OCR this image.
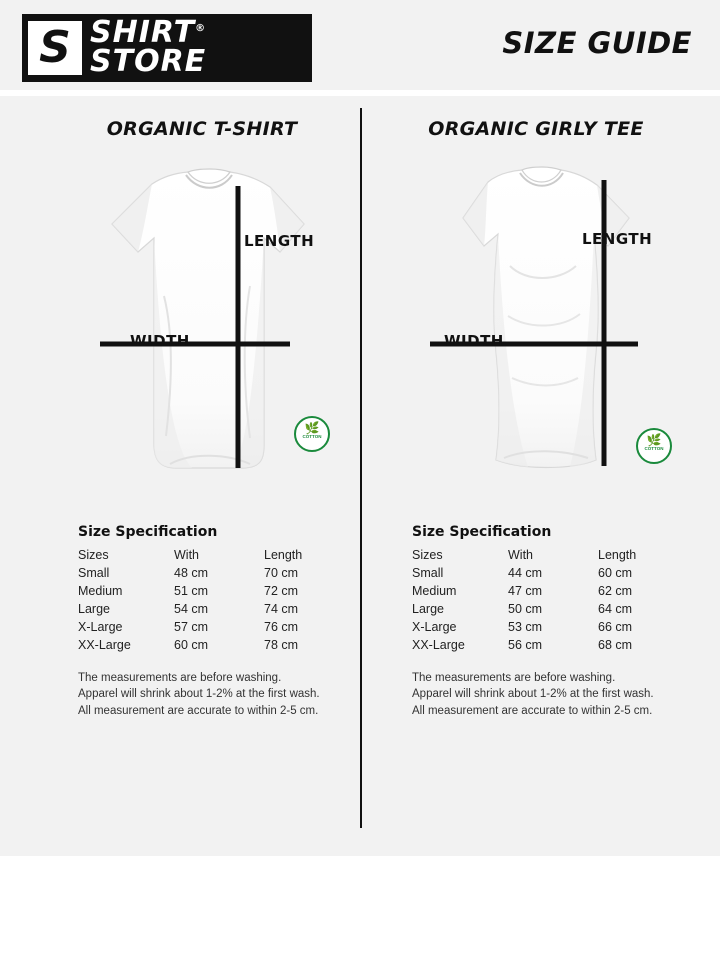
S SHIRT®
STORE
SIZE GUIDE
ORGANIC T-SHIRT
LENGTH
WIDTH
🌿
COTTON
Size Specification
Sizes	With	Length
Small	48 cm	70 cm
Medium	51 cm	72 cm
Large	54 cm	74 cm
X-Large	57 cm	76 cm
XX-Large	60 cm	78 cm
The measurements are before washing.
Apparel will shrink about 1-2% at the first wash.
All measurement are accurate to within 2-5 cm.
ORGANIC GIRLY TEE
LENGTH
WIDTH
🌿
COTTON
Size Specification
Sizes	With	Length
Small	44 cm	60 cm
Medium	47 cm	62 cm
Large	50 cm	64 cm
X-Large	53 cm	66 cm
XX-Large	56 cm	68 cm
The measurements are before washing.
Apparel will shrink about 1-2% at the first wash.
All measurement are accurate to within 2-5 cm.
